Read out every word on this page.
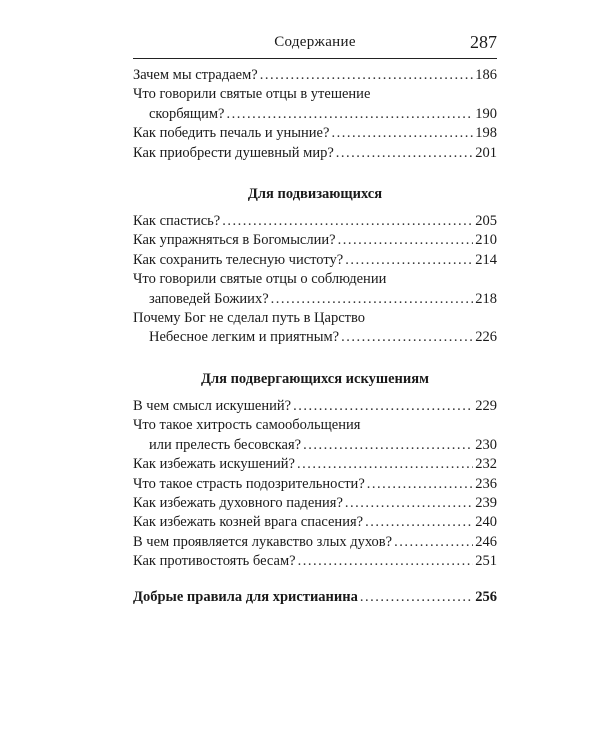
Содержание	287
Зачем мы страдаем? .....	186
Что говорили святые отцы в утешение
скорбящим? .....	190
Как победить печаль и уныние? .....	198
Как приобрести душевный мир? .....	201
Для подвизающихся
Как спастись? .....	205
Как упражняться в Богомыслии? .....	210
Как сохранить телесную чистоту? .....	214
Что говорили святые отцы о соблюдении
заповедей Божиих? .....	218
Почему Бог не сделал путь в Царство
Небесное легким и приятным? .....	226
Для подвергающихся искушениям
В чем смысл искушений? .....	229
Что такое хитрость самообольщения
или прелесть бесовская? .....	230
Как избежать искушений? .....	232
Что такое страсть подозрительности? .....	236
Как избежать духовного падения? .....	239
Как избежать козней врага спасения? .....	240
В чем проявляется лукавство злых духов? .....	246
Как противостоять бесам? .....	251
Добрые правила для христианина .....	256
